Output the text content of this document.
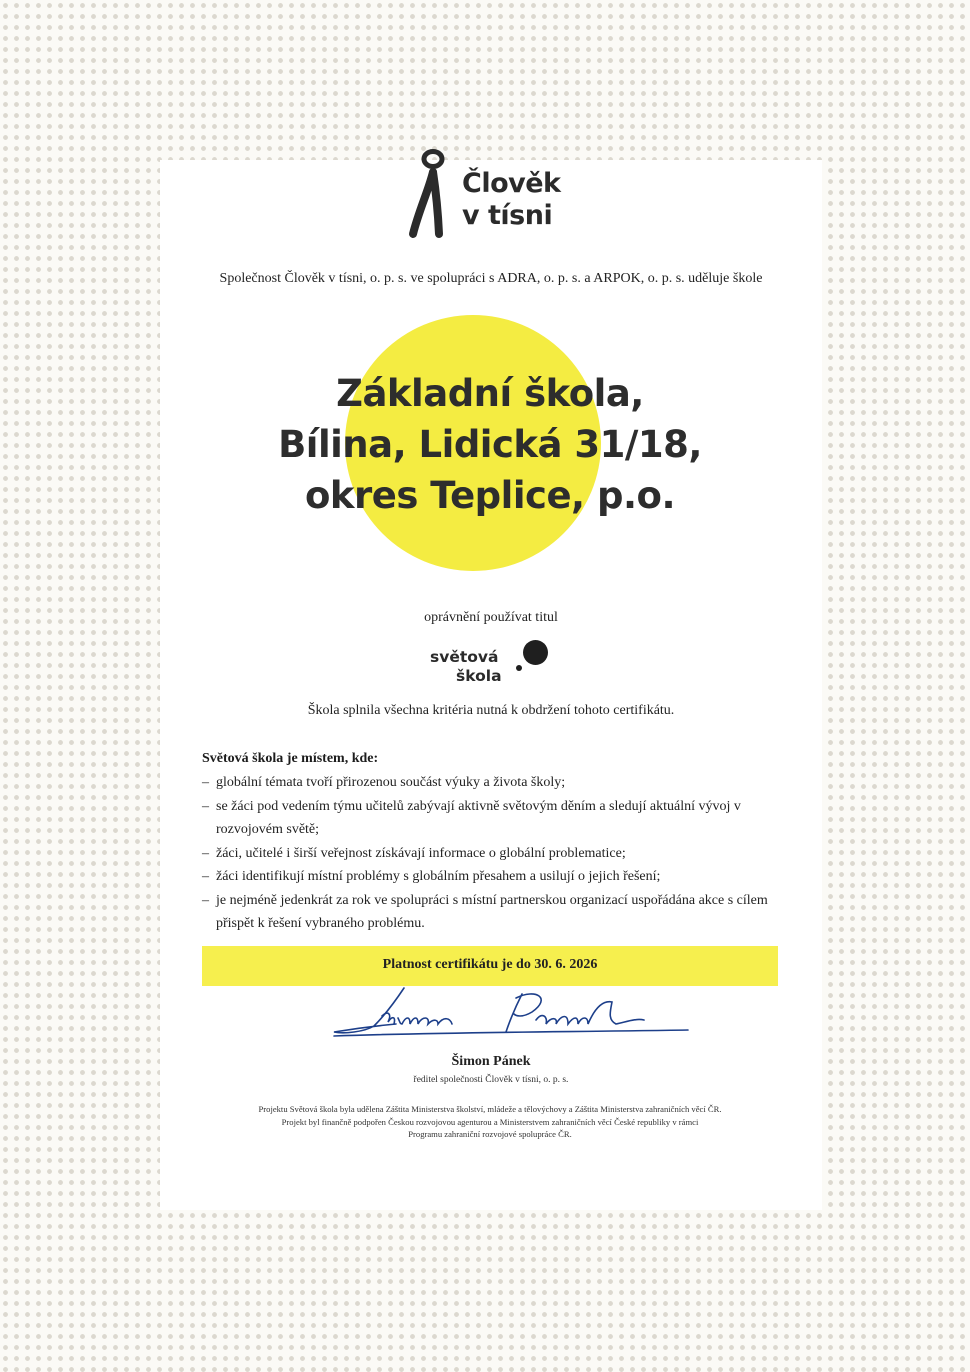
Člověk
v tísni
Společnost Člověk v tísni, o. p. s. ve spolupráci s ADRA, o. p. s. a ARPOK, o. p. s. uděluje škole
Základní škola,
Bílina, Lidická 31/18,
okres Teplice, p.o.
oprávnění používat titul
světová
škola
Škola splnila všechna kritéria nutná k obdržení tohoto certifikátu.
Světová škola je místem, kde:
– globální témata tvoří přirozenou součást výuky a života školy;
– se žáci pod vedením týmu učitelů zabývají aktivně světovým děním a sledují aktuální vývoj v rozvojovém světě;
– žáci, učitelé i širší veřejnost získávají informace o globální problematice;
– žáci identifikují místní problémy s globálním přesahem a usilují o jejich řešení;
– je nejméně jedenkrát za rok ve spolupráci s místní partnerskou organizací uspořádána akce s cílem přispět k řešení vybraného problému.
Platnost certifikátu je do 30. 6. 2026
Šimon Pánek
ředitel společnosti Člověk v tísni, o. p. s.
Projektu Světová škola byla udělena Záštita Ministerstva školství, mládeže a tělovýchovy a Záštita Ministerstva zahraničních věcí ČR.
Projekt byl finančně podpořen Českou rozvojovou agenturou a Ministerstvem zahraničních věcí České republiky v rámci
Programu zahraniční rozvojové spolupráce ČR.
